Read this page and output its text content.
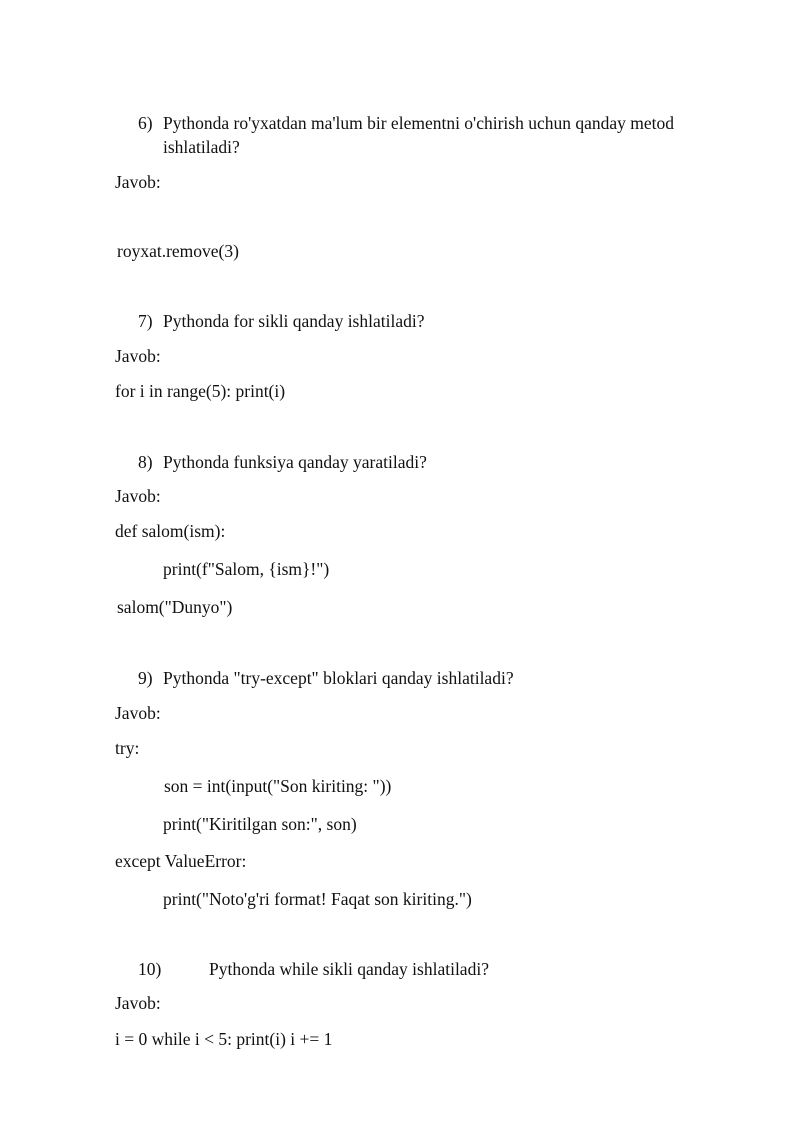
6) Pythonda ro'yxatdan ma'lum bir elementni o'chirish uchun qanday metod
ishlatiladi?
Javob:
royxat.remove(3)
7) Pythonda for sikli qanday ishlatiladi?
Javob:
for i in range(5): print(i)
8) Pythonda funksiya qanday yaratiladi?
Javob:
def salom(ism):
print(f"Salom, {ism}!")
salom("Dunyo")
9) Pythonda "try-except" bloklari qanday ishlatiladi?
Javob:
try:
son = int(input("Son kiriting: "))
print("Kiritilgan son:", son)
except ValueError:
print("Noto'g'ri format! Faqat son kiriting.")
10)	Pythonda while sikli qanday ishlatiladi?
Javob:
i = 0 while i < 5: print(i) i += 1
